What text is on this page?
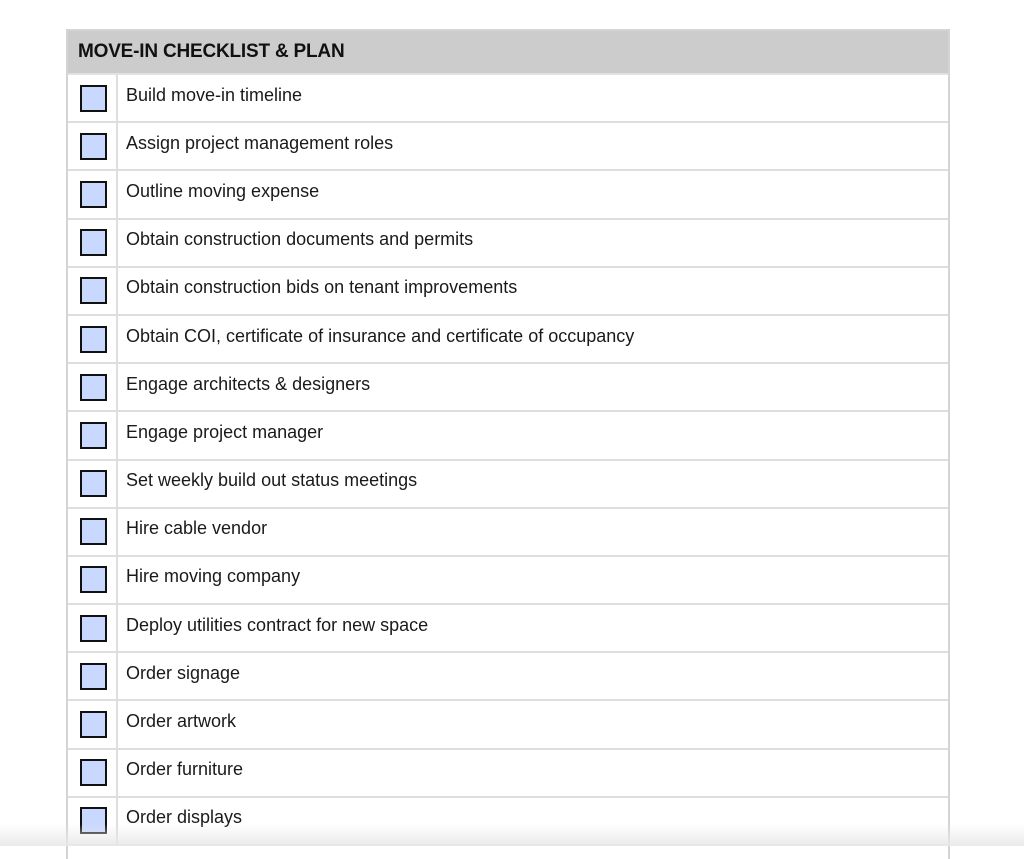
MOVE-IN CHECKLIST & PLAN
Build move-in timeline
Assign project management roles
Outline moving expense
Obtain construction documents and permits
Obtain construction bids on tenant improvements
Obtain COI, certificate of insurance and certificate of occupancy
Engage architects & designers
Engage project manager
Set weekly build out status meetings
Hire cable vendor
Hire moving company
Deploy utilities contract for new space
Order signage
Order artwork
Order furniture
Order displays
